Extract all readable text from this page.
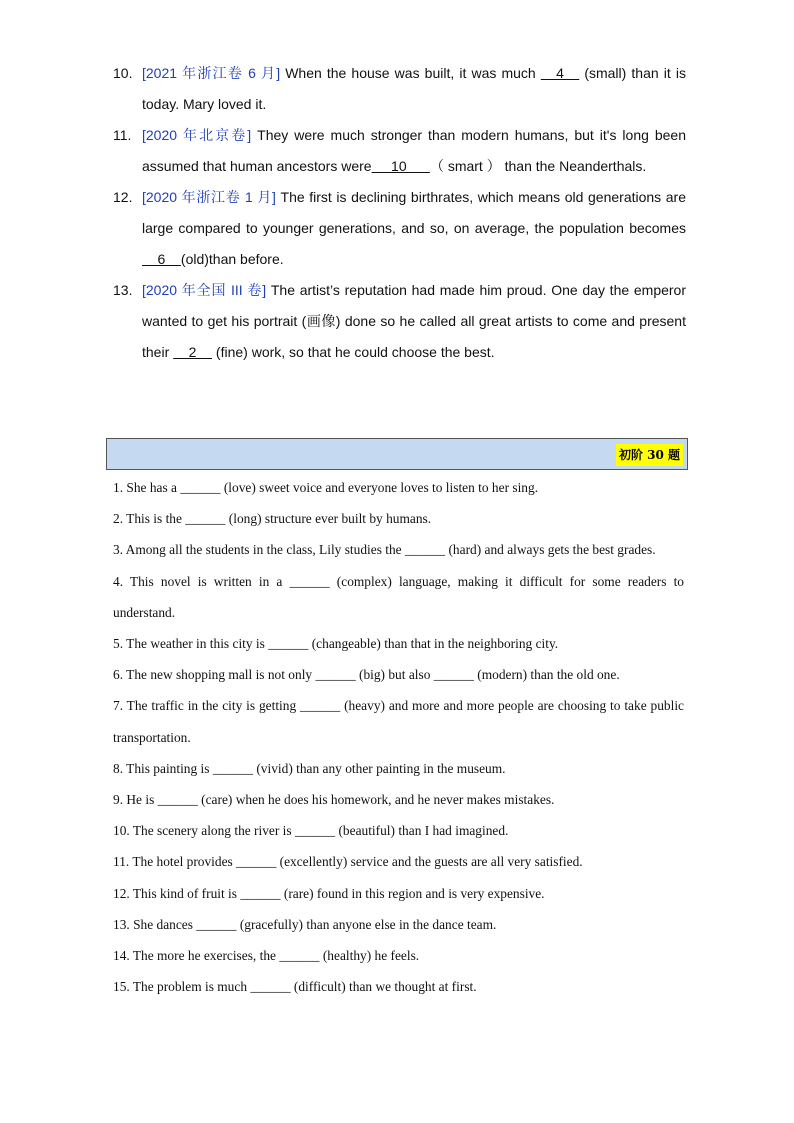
10. [2021 年浙江卷 6 月] When the house was built, it was much    4    (small) than it is today. Mary loved it.
11. [2020 年北京卷] They were much stronger than modern humans, but it's long been assumed that human ancestors were     10      （ smart ） than the Neanderthals.
12. [2020 年浙江卷 1 月] The first is declining birthrates, which means old generations are large compared to younger generations, and so, on average, the population becomes    6    (old)than before.
13. [2020 年全国 III 卷] The artist’s reputation had made him proud. One day the emperor wanted to get his portrait (画像) done so he called all great artists to come and present their     2     (fine) work, so that he could choose the best.
初阶 30 题
1. She has a ______ (love) sweet voice and everyone loves to listen to her sing.
2. This is the ______ (long) structure ever built by humans.
3. Among all the students in the class, Lily studies the ______ (hard) and always gets the best grades.
4. This novel is written in a ______ (complex) language, making it difficult for some readers to understand.
5. The weather in this city is ______ (changeable) than that in the neighboring city.
6. The new shopping mall is not only ______ (big) but also ______ (modern) than the old one.
7. The traffic in the city is getting ______ (heavy) and more and more people are choosing to take public transportation.
8. This painting is ______ (vivid) than any other painting in the museum.
9. He is ______ (care) when he does his homework, and he never makes mistakes.
10. The scenery along the river is ______ (beautiful) than I had imagined.
11. The hotel provides ______ (excellently) service and the guests are all very satisfied.
12. This kind of fruit is ______ (rare) found in this region and is very expensive.
13. She dances ______ (gracefully) than anyone else in the dance team.
14. The more he exercises, the ______ (healthy) he feels.
15. The problem is much ______ (difficult) than we thought at first.
